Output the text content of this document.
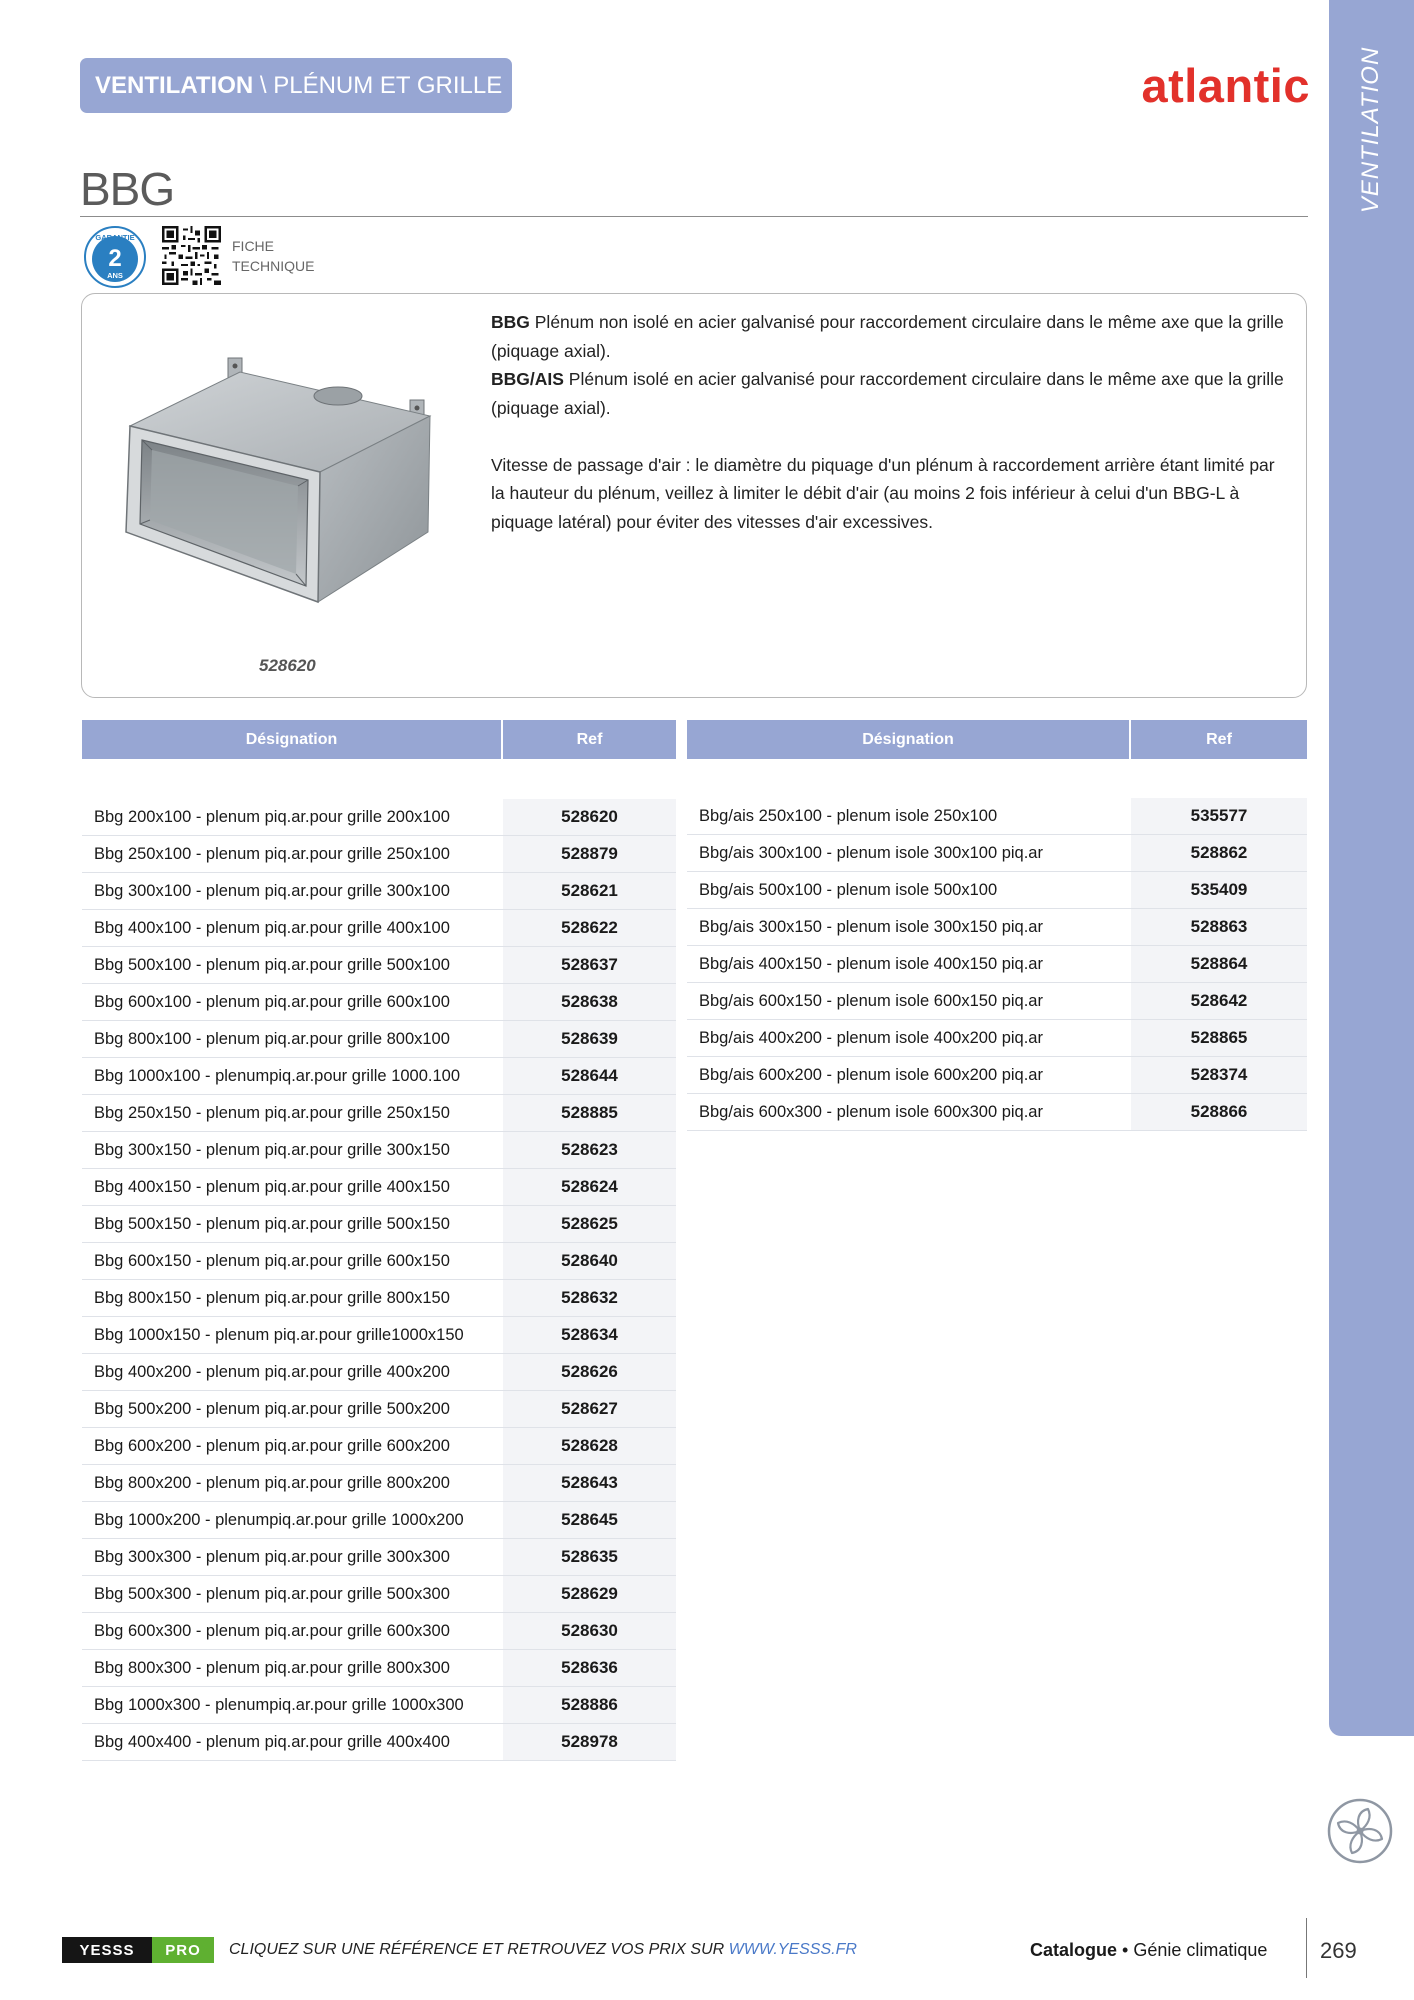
VENTILATION
VENTILATION \ PLÉNUM ET GRILLE	atlantic
BBG
GARANTIE
2
ANS
FICHE
TECHNIQUE
528620

BBG Plénum non isolé en acier galvanisé pour raccordement circulaire dans le même axe que la grille (piquage axial).

BBG/AIS Plénum isolé en acier galvanisé pour raccordement circulaire dans le même axe que la grille (piquage axial).

Vitesse de passage d'air : le diamètre du piquage d'un plénum à raccordement arrière étant limité par la hauteur du plénum, veillez à limiter le débit d'air (au moins 2 fois inférieur à celui d'un BBG-L à piquage latéral) pour éviter des vitesses d'air excessives.

Désignation	Ref
Bbg 200x100 - plenum piq.ar.pour grille 200x100	528620
Bbg 250x100 - plenum piq.ar.pour grille 250x100	528879
Bbg 300x100 - plenum piq.ar.pour grille 300x100	528621
Bbg 400x100 - plenum piq.ar.pour grille 400x100	528622
Bbg 500x100 - plenum piq.ar.pour grille 500x100	528637
Bbg 600x100 - plenum piq.ar.pour grille 600x100	528638
Bbg 800x100 - plenum piq.ar.pour grille 800x100	528639
Bbg 1000x100 - plenumpiq.ar.pour grille 1000.100	528644
Bbg 250x150 - plenum piq.ar.pour grille 250x150	528885
Bbg 300x150 - plenum piq.ar.pour grille 300x150	528623
Bbg 400x150 - plenum piq.ar.pour grille 400x150	528624
Bbg 500x150 - plenum piq.ar.pour grille 500x150	528625
Bbg 600x150 - plenum piq.ar.pour grille 600x150	528640
Bbg 800x150 - plenum piq.ar.pour grille 800x150	528632
Bbg 1000x150 - plenum piq.ar.pour grille1000x150	528634
Bbg 400x200 - plenum piq.ar.pour grille 400x200	528626
Bbg 500x200 - plenum piq.ar.pour grille 500x200	528627
Bbg 600x200 - plenum piq.ar.pour grille 600x200	528628
Bbg 800x200 - plenum piq.ar.pour grille 800x200	528643
Bbg 1000x200 - plenumpiq.ar.pour grille 1000x200	528645
Bbg 300x300 - plenum piq.ar.pour grille 300x300	528635
Bbg 500x300 - plenum piq.ar.pour grille 500x300	528629
Bbg 600x300 - plenum piq.ar.pour grille 600x300	528630
Bbg 800x300 - plenum piq.ar.pour grille 800x300	528636
Bbg 1000x300 - plenumpiq.ar.pour grille 1000x300	528886
Bbg 400x400 - plenum piq.ar.pour grille 400x400	528978
Désignation	Ref
Bbg/ais 250x100 - plenum isole 250x100	535577
Bbg/ais 300x100 - plenum isole 300x100 piq.ar	528862
Bbg/ais 500x100 - plenum isole 500x100	535409
Bbg/ais 300x150 - plenum isole 300x150 piq.ar	528863
Bbg/ais 400x150 - plenum isole 400x150 piq.ar	528864
Bbg/ais 600x150 - plenum isole 600x150 piq.ar	528642
Bbg/ais 400x200 - plenum isole 400x200 piq.ar	528865
Bbg/ais 600x200 - plenum isole 600x200 piq.ar	528374
Bbg/ais 600x300 - plenum isole 600x300 piq.ar	528866
YESSS	PRO	CLIQUEZ SUR UNE RÉFÉRENCE ET RETROUVEZ VOS PRIX SUR WWW.YESSS.FR	Catalogue • Génie climatique 269
